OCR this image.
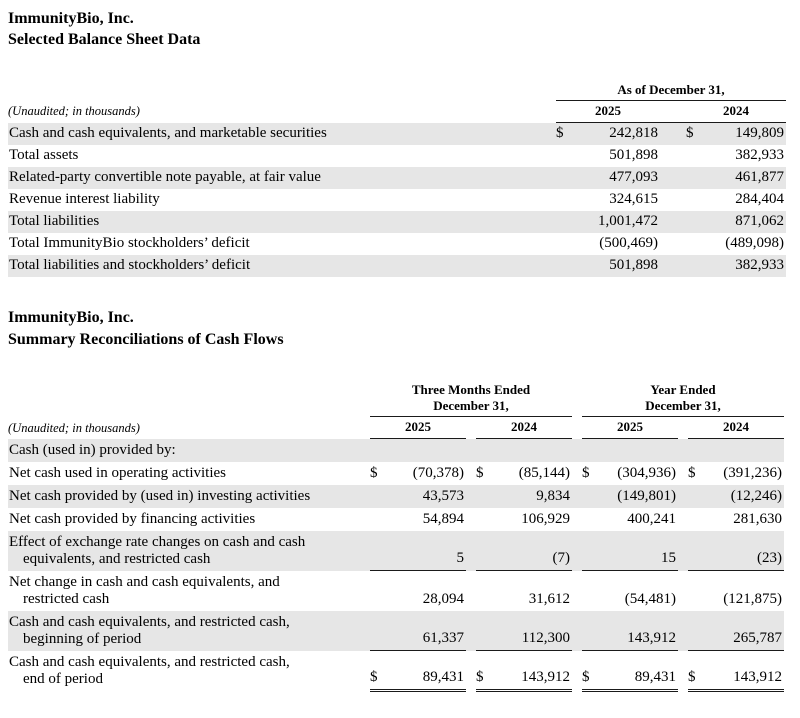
ImmunityBio, Inc.
Selected Balance Sheet Data
	As of December 31,				
(Unaudited; in thousands)	2025			2024	
Cash and cash equivalents, and marketable securities	$	242,818		$	149,809
Total assets		501,898			382,933
Related-party convertible note payable, at fair value		477,093			461,877
Revenue interest liability		324,615			284,404
Total liabilities		1,001,472			871,062
Total ImmunityBio stockholders’ deficit		(500,469)			(489,098)
Total liabilities and stockholders’ deficit		501,898			382,933
ImmunityBio, Inc.
Summary Reconciliations of Cash Flows

Three Months Ended
December 31,

Year Ended
December 31,

(Unaudited; in thousands)	2025		2024		2025		2024
Cash (used in) provided by:							
Net cash used in operating activities	$ (70,378)		$ (85,144)		$ (304,936)		$ (391,236)

Net cash provided by (used in) investing activities	43,573		9,834		(149,801)		(12,246)

Net cash provided by financing activities	54,894		106,929		400,241		281,630

Effect of exchange rate changes on cash and cash
equivalents, and restricted cash	5		(7)		15		(23)

Net change in cash and cash equivalents, and
restricted cash	28,094		31,612		(54,481)		(121,875)

Cash and cash equivalents, and restricted cash,
beginning of period	61,337		112,300		143,912		265,787

Cash and cash equivalents, and restricted cash,
end of period	$	89,431		$	143,912		$	89,431		$	143,912
